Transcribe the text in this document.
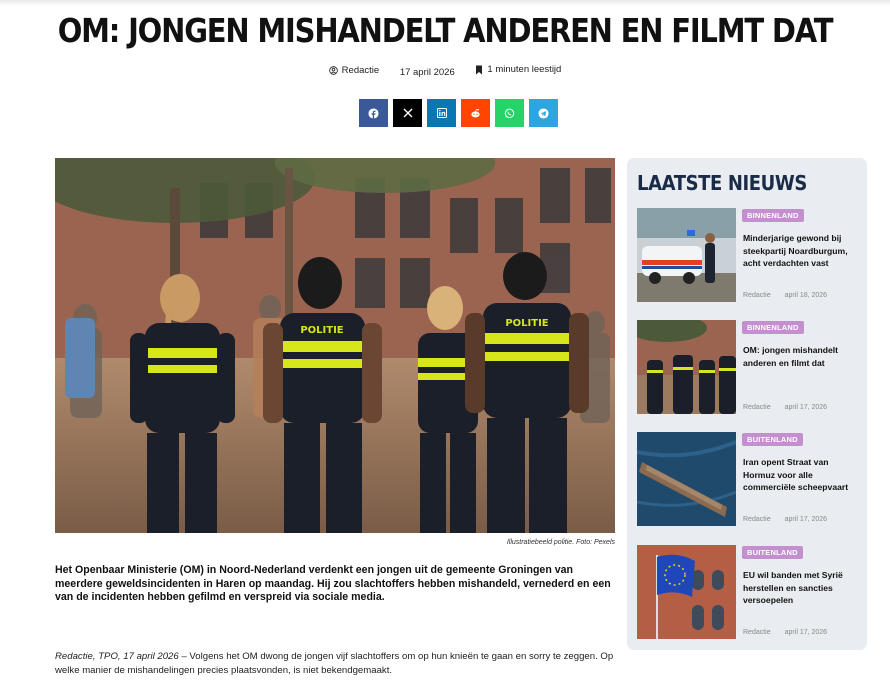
OM: JONGEN MISHANDELT ANDEREN EN FILMT DAT
Redactie 17 april 2026	1 minuten leestijd
POLITIE
POLITIE
Illustratiebeeld politie. Foto: Pexels

Het Openbaar Ministerie (OM) in Noord-Nederland verdenkt een jongen uit de gemeente Groningen van meerdere geweldsincidenten in Haren op maandag. Hij zou slachtoffers hebben mishandeld, vernederd en een van de incidenten hebben gefilmd en verspreid via sociale media.

Redactie, TPO, 17 april 2026 – Volgens het OM dwong de jongen vijf slachtoffers om op hun knieën te gaan en sorry te zeggen. Op welke manier de mishandelingen precies plaatsvonden, is niet bekendgemaakt.

LAATSTE NIEUWS
BINNENLAND
Minderjarige gewond bij steekpartij Noardburgum, acht verdachten vast
Redactie april 18, 2026
BINNENLAND
OM: jongen mishandelt anderen en filmt dat
Redactie april 17, 2026
BUITENLAND
Iran opent Straat van Hormuz voor alle commerciële scheepvaart
Redactie april 17, 2026
BUITENLAND
EU wil banden met Syrië herstellen en sancties versoepelen
Redactie april 17, 2026
